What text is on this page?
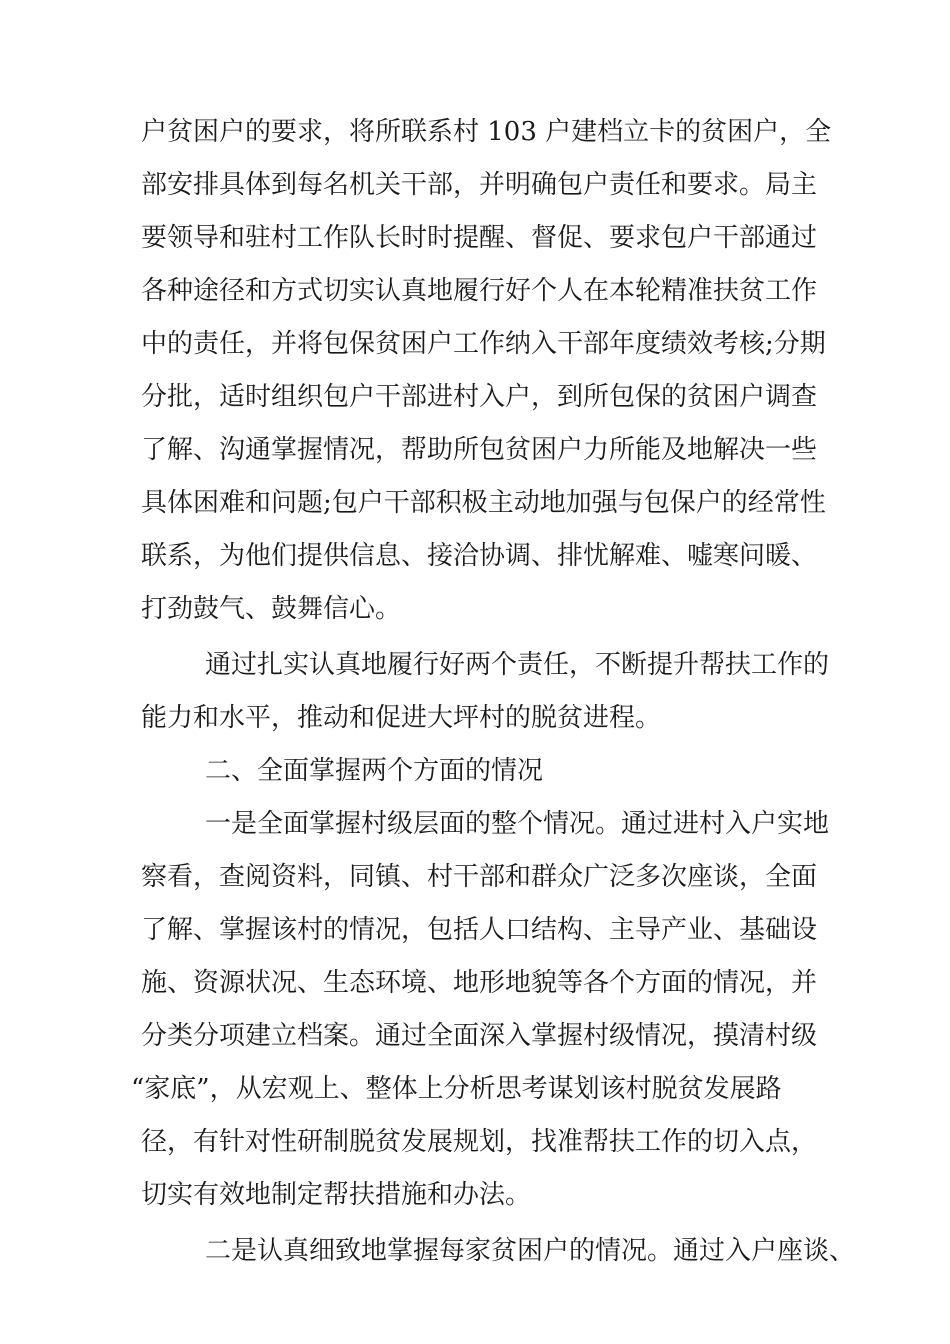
户贫困户的要求，将所联系村 103 户建档立卡的贫困户，全
部安排具体到每名机关干部，并明确包户责任和要求。局主
要领导和驻村工作队长时时提醒、督促、要求包户干部通过
各种途径和方式切实认真地履行好个人在本轮精准扶贫工作
中的责任，并将包保贫困户工作纳入干部年度绩效考核;分期
分批，适时组织包户干部进村入户，到所包保的贫困户调查
了解、沟通掌握情况，帮助所包贫困户力所能及地解决一些
具体困难和问题;包户干部积极主动地加强与包保户的经常性
联系，为他们提供信息、接洽协调、排忧解难、嘘寒问暖、
打劲鼓气、鼓舞信心。
通过扎实认真地履行好两个责任，不断提升帮扶工作的
能力和水平，推动和促进大坪村的脱贫进程。
二、全面掌握两个方面的情况
一是全面掌握村级层面的整个情况。通过进村入户实地
察看，查阅资料，同镇、村干部和群众广泛多次座谈，全面
了解、掌握该村的情况，包括人口结构、主导产业、基础设
施、资源状况、生态环境、地形地貌等各个方面的情况，并
分类分项建立档案。通过全面深入掌握村级情况，摸清村级
“家底”，从宏观上、整体上分析思考谋划该村脱贫发展路
径，有针对性研制脱贫发展规划，找准帮扶工作的切入点，
切实有效地制定帮扶措施和办法。
二是认真细致地掌握每家贫困户的情况。通过入户座谈、
